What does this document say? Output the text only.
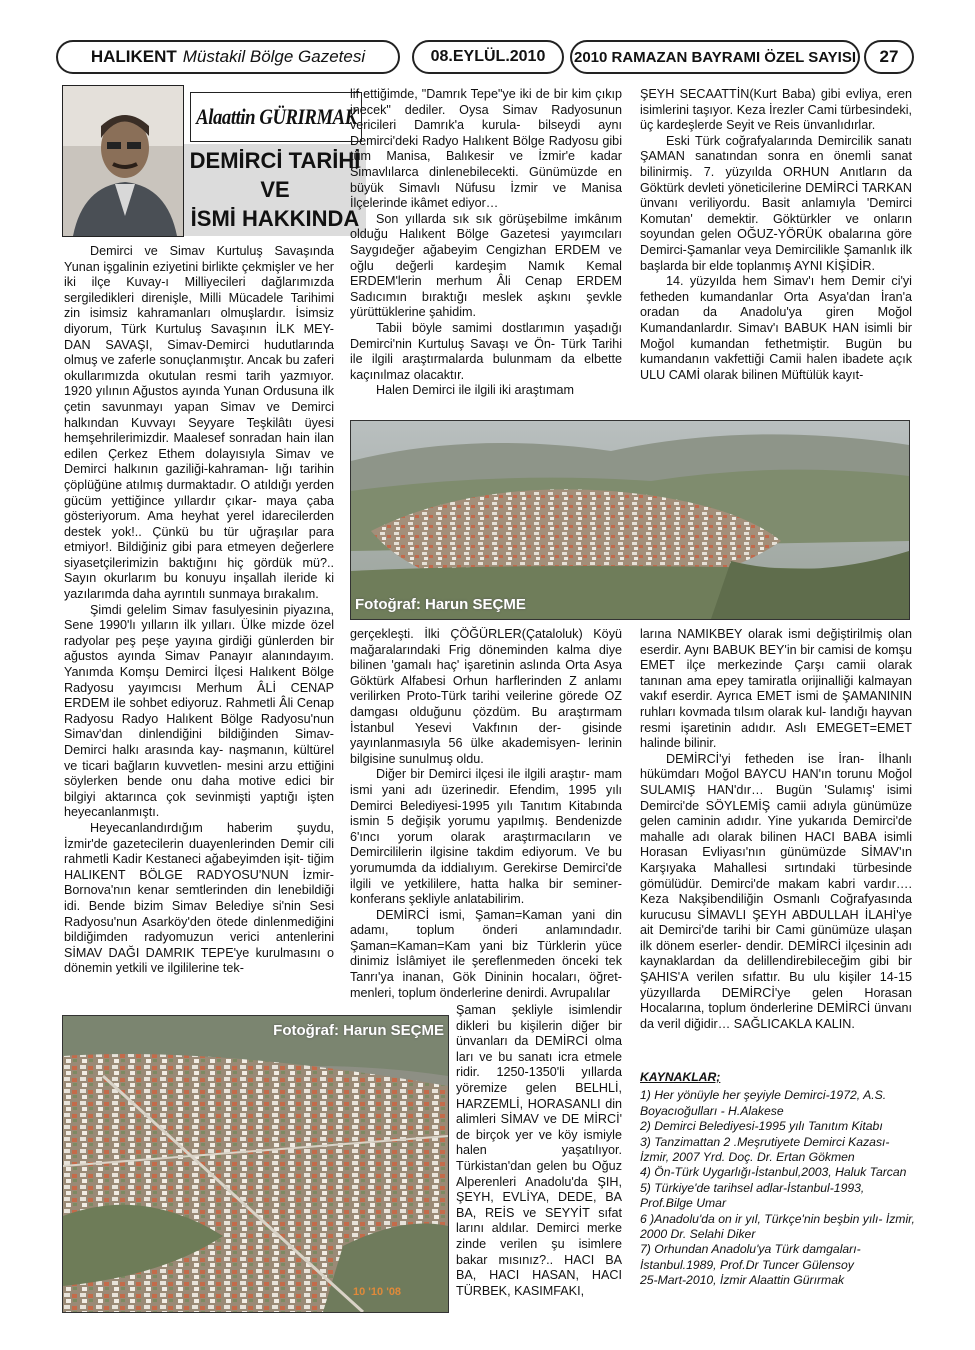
HALIKENT Müstakil Bölge Gazetesi	08.EYLÜL.2010	2010 RAMAZAN BAYRAMI ÖZEL SAYISI	27
Alaattin GÜRIRMAK
DEMİRCİ TARİHİ
VE
İSMİ HAKKINDA

Demirci ve Simav Kurtuluş Savaşında Yunan işgalinin eziyetini birlikte çekmişler ve her iki ilçe Kuvay-ı Milliyecileri dağlarımızda sergiledikleri direnişle, Milli Mücadele Tarihimi zin isimsiz kahramanları olmuşlardır. İsimsiz diyorum, Türk Kurtuluş Savaşının İLK MEY- DAN SAVAŞI, Simav-Demirci hudutlarında olmuş ve zaferle sonuçlanmıştır. Ancak bu zaferi okullarımızda okutulan resmi tarih yazmıyor. 1920 yılının Ağustos ayında Yunan Ordusuna ilk çetin savunmayı yapan Simav ve Demirci halkından Kuvvayı Seyyare Teşkilâtı üyesi hemşehrilerimizdir. Maalesef sonradan hain ilan edilen Çerkez Ethem dolayısıyla Simav ve Demirci halkının gaziliği-kahraman- lığı tarihin çöplüğüne atılmış durmaktadır. O atıldığı yerden gücüm yettiğince yıllardır çıkar- maya çaba gösteriyorum. Ama heyhat yerel idarecilerden destek yok!.. Çünkü bu tür uğraşılar para etmiyor!. Bildiğiniz gibi para etmeyen değerlere siyasetçilerimizin baktığını hiç gördük mü?.. Sayın okurlarım bu konuyu inşallah ileride ki yazılarımda daha ayrıntılı sunmaya bırakalım.

Şimdi gelelim Simav fasulyesinin piyazına, Sene 1990'lı yılların ilk yılları. Ülke mizde özel radyolar peş peşe yayına girdiği günlerden bir ağustos ayında Simav Panayır alanındayım. Yanımda Komşu Demirci İlçesi Halıkent Bölge Radyosu yayımcısı Merhum ÂLİ CENAP ERDEM ile sohbet ediyoruz. Rahmetli Âli Cenap Radyosu Radyo Halıkent Bölge Radyosu'nun Simav'dan dinlendiğini bildiğinden Simav-Demirci halkı arasında kay- naşmanın, kültürel ve ticari bağların kuvvetlen- mesini arzu ettiğini söylerken bende onu daha motive edici bir bilgiyi aktarınca çok sevinmişti yaptığı işten heyecanlanmıştı.

Heyecanlandırdığım haberim şuydu, İzmir'de gazetecilerin duayenlerinden Demir cili rahmetli Kadir Kestaneci ağabeyimden işit- tiğim HALIKENT BÖLGE RADYOSU'NUN İzmir-Bornova'nın kenar semtlerinden din lenebildiği idi. Bende bizim Simav Belediye si'nin Sesi Radyosu'nun Asarköy'den ötede dinlenmediğini bildiğimden radyomuzun verici antenlerini SİMAV DAĞI DAMRIK TEPE'ye kurulmasını o dönemin yetkili ve ilgililerine tek-

lif ettiğimde, "Damrık Tepe"ye iki de bir kim çıkıp inecek" dediler. Oysa Simav Radyosunun vericileri Damrık'a kurula- bilseydi aynı Demirci'deki Radyo Halıkent Bölge Radyosu gibi tüm Manisa, Balıkesir ve İzmir'e kadar Simavlılarca dinlenebilecekti. Günümüzde en büyük Simavlı Nüfusu İzmir ve Manisa İlçelerinde ikâmet ediyor…

Son yıllarda sık sık görüşebilme imkânım olduğu Halıkent Bölge Gazetesi yayımcıları Saygıdeğer ağabeyim Cengizhan ERDEM ve oğlu değerli kardeşim Namık Kemal ERDEM'lerin merhum Âli Cenap ERDEM Sadıcımın bıraktığı meslek aşkını şevkle yürüttüklerine şahidim.

Tabii böyle samimi dostlarımın yaşadığı Demirci'nin Kurtuluş Savaşı ve Ön- Türk Tarihi ile ilgili araştırmalarda bulunmam da elbette kaçınılmaz olacaktır.

Halen Demirci ile ilgili iki araştımam

ŞEYH SECAATTİN(Kurt Baba) gibi evliya, eren isimlerini taşıyor. Keza İrezler Cami türbesindeki, üç kardeşlerde Seyit ve Reis ünvanlıdırlar.

Eski Türk coğrafyalarında Demircilik sanatı ŞAMAN sanatından sonra en önemli sanat bilinirmiş. 7. yüzyılda ORHUN Anıtların da Göktürk devleti yöneticilerine DEMİRCİ TARKAN ünvanı veriliyordu. Basit anlamıyla 'Demirci Komutan' demektir. Göktürkler ve onların soyundan gelen OĞUZ-YÖRÜK obalarına göre Demirci-Şamanlar veya Demircilikle Şamanlık ilk başlarda bir elde toplanmış AYNI KİŞİDİR.

14. yüzyılda hem Simav'ı hem Demir ci'yi fetheden kumandanlar Orta Asya'dan İran'a oradan da Anadolu'ya giren Moğol Kumandanlardır. Simav'ı BABUK HAN isimli bir Moğol kumandan fethetmiştir. Bugün bu kumandanın vakfettiği Camii halen ibadete açık ULU CAMİ olarak bilinen Müftülük kayıt-

Fotoğraf: Harun SEÇME

gerçekleşti. İlki ÇÖĞÜRLER(Çataloluk) Köyü mağaralarındaki Frig döneminden kalma diye bilinen 'gamalı haç' işaretinin aslında Orta Asya Göktürk Alfabesi Orhun harflerinden Z anlamı verilirken Proto-Türk tarihi veilerine görede OZ damgası olduğunu çözdüm. Bu araştırmam İstanbul Yesevi Vakfının der- gisinde yayınlanmasıyla 56 ülke akademisyen- lerinin bilgisine sunulmuş oldu.

Diğer bir Demirci ilçesi ile ilgili araştır- mam ismi yani adı üzerinedir. Efendim, 1995 yılı Demirci Belediyesi-1995 yılı Tanıtım Kitabında ismin 5 değişik yorumu yapılmış. Bendenizde 6'ıncı yorum olarak araştırmacıların ve Demircililerin ilgisine takdim ediyorum. Ve bu yorumumda da iddialıyım. Gerekirse Demirci'de ilgili ve yetkililere, hatta halka bir seminer-konferans şekliyle anlatabilirim.

DEMİRCİ ismi, Şaman=Kaman yani din adamı, toplum önderi anlamındadır. Şaman=Kaman=Kam yani biz Türklerin yüce dinimiz İslâmiyet ile şereflenmeden önceki tek Tanrı'ya inanan, Gök Dininin hocaları, öğret- menleri, toplum önderlerine denirdi. Avrupalılar

Şaman şekliyle isimlendir dikleri bu kişilerin diğer bir ünvanları da DEMİRCİ olma ları ve bu sanatı icra etmele ridir. 1250-1350'li yıllarda yöremize gelen BELHLİ, HARZEMLİ, HORASANLI din alimleri SİMAV ve DE MİRCİ' de birçok yer ve köy ismiyle halen yaşatılıyor. Türkistan'dan gelen bu Oğuz Alperenleri Anadolu'da ŞIH, ŞEYH, EVLİYA, DEDE, BA BA, REİS ve SEYYİT sıfat larını aldılar. Demirci merke zinde verilen şu isimlere bakar mısınız?.. HACI BA BA, HACI HASAN, HACI TÜRBEK, KASIMFAKI,

Fotoğraf: Harun SEÇME
10 '10 '08

larına NAMIKBEY olarak ismi değiştirilmiş olan eserdir. Aynı BABUK BEY'in bir camisi de komşu EMET ilçe merkezinde Çarşı camii olarak tanınan ama epey tamiratla orijinalliği kalmayan vakıf eserdir. Ayrıca EMET ismi de ŞAMANININ ruhları kovmada tılsım olarak kul- landığı hayvan resmi işaretinin adıdır. Aslı EMEGET=EMET halinde bilinir.

DEMİRCİ'yi fetheden ise İran- İlhanlı hükümdarı Moğol BAYCU HAN'ın torunu Moğol SULAMIŞ HAN'dır… Bugün 'Sulamış' isimi Demirci'de SÖYLEMİŞ camii adıyla günümüze gelen caminin adıdır. Yine yukarıda Demirci'de mahalle adı olarak bilinen HACI BABA isimli Horasan Evliyası'nın günümüzde SİMAV'ın Karşıyaka Mahallesi sırtındaki türbesinde gömülüdür. Demirci'de makam kabri vardır…. Keza Nakşibendiliğin Osmanlı Coğrafyasında kurucusu SİMAVLI ŞEYH ABDULLAH İLAHİ'ye ait Demirci'de tarihi bir Cami günümüze ulaşan ilk dönem eserler- dendir. DEMİRCİ ilçesinin adı kaynaklardan da delillendirebileceğim gibi bir ŞAHIS'A verilen sıfattır. Bu ulu kişiler 14-15 yüzyıllarda DEMİRCİ'ye gelen Horasan Hocalarına, toplum önderlerine DEMİRCİ ünvanı da veril diğidir… SAĞLICAKLA KALIN.

KAYNAKLAR;
1) Her yönüyle her şeyiyle Demirci-1972, A.S. Boyacıoğulları - H.Alakese
2) Demirci Belediyesi-1995 yılı Tanıtım Kitabı
3) Tanzimattan 2 .Meşrutiyete Demirci Kazası- İzmir, 2007 Yrd. Doç. Dr. Ertan Gökmen
4) Ön-Türk Uygarlığı-İstanbul,2003, Haluk Tarcan
5) Türkiye'de tarihsel adlar-İstanbul-1993, Prof.Bilge Umar
6 )Anadolu'da on ir yıl, Türkçe'nin beşbin yılı- İzmir, 2000 Dr. Selahi Diker
7) Orhundan Anadolu'ya Türk damgaları- İstanbul.1989, Prof.Dr Tuncer Gülensoy
25-Mart-2010, İzmir Alaattin Gürırmak
